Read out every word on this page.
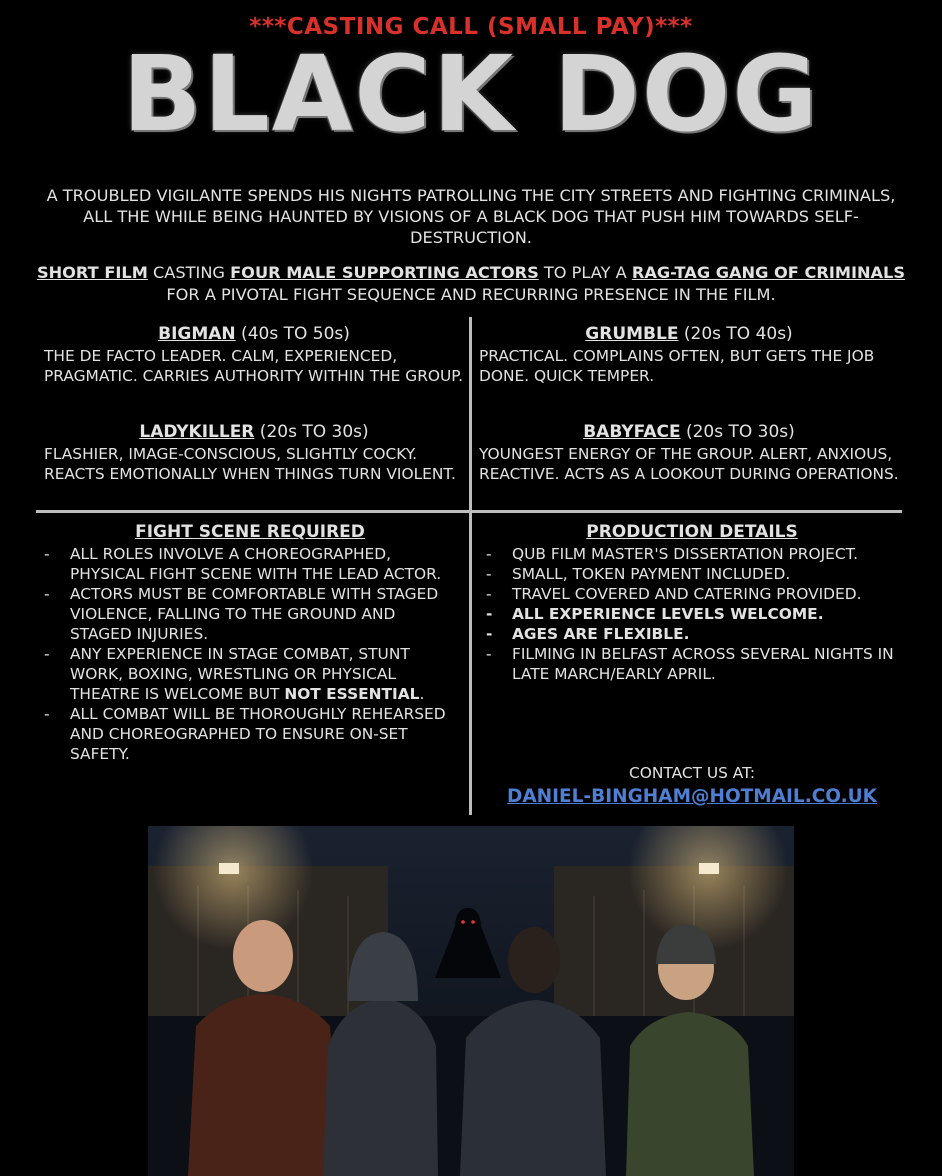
***CASTING CALL (SMALL PAY)***
BLACK DOG
A TROUBLED VIGILANTE SPENDS HIS NIGHTS PATROLLING THE CITY STREETS AND FIGHTING CRIMINALS, ALL THE WHILE BEING HAUNTED BY VISIONS OF A BLACK DOG THAT PUSH HIM TOWARDS SELF-DESTRUCTION.
SHORT FILM CASTING FOUR MALE SUPPORTING ACTORS TO PLAY A RAG-TAG GANG OF CRIMINALS FOR A PIVOTAL FIGHT SEQUENCE AND RECURRING PRESENCE IN THE FILM.
BIGMAN (40s TO 50s)
THE DE FACTO LEADER. CALM, EXPERIENCED, PRAGMATIC. CARRIES AUTHORITY WITHIN THE GROUP.
GRUMBLE (20s TO 40s)
PRACTICAL. COMPLAINS OFTEN, BUT GETS THE JOB DONE. QUICK TEMPER.
LADYKILLER (20s TO 30s)
FLASHIER, IMAGE-CONSCIOUS, SLIGHTLY COCKY. REACTS EMOTIONALLY WHEN THINGS TURN VIOLENT.
BABYFACE (20s TO 30s)
YOUNGEST ENERGY OF THE GROUP. ALERT, ANXIOUS, REACTIVE. ACTS AS A LOOKOUT DURING OPERATIONS.
FIGHT SCENE REQUIRED
- ALL ROLES INVOLVE A CHOREOGRAPHED, PHYSICAL FIGHT SCENE WITH THE LEAD ACTOR.
- ACTORS MUST BE COMFORTABLE WITH STAGED VIOLENCE, FALLING TO THE GROUND AND STAGED INJURIES.
- ANY EXPERIENCE IN STAGE COMBAT, STUNT WORK, BOXING, WRESTLING OR PHYSICAL THEATRE IS WELCOME BUT NOT ESSENTIAL.
- ALL COMBAT WILL BE THOROUGHLY REHEARSED AND CHOREOGRAPHED TO ENSURE ON-SET SAFETY.
PRODUCTION DETAILS
- QUB FILM MASTER'S DISSERTATION PROJECT.
- SMALL, TOKEN PAYMENT INCLUDED.
- TRAVEL COVERED AND CATERING PROVIDED.
- ALL EXPERIENCE LEVELS WELCOME.
- AGES ARE FLEXIBLE.
- FILMING IN BELFAST ACROSS SEVERAL NIGHTS IN LATE MARCH/EARLY APRIL.
CONTACT US AT:
DANIEL-BINGHAM@HOTMAIL.CO.UK
